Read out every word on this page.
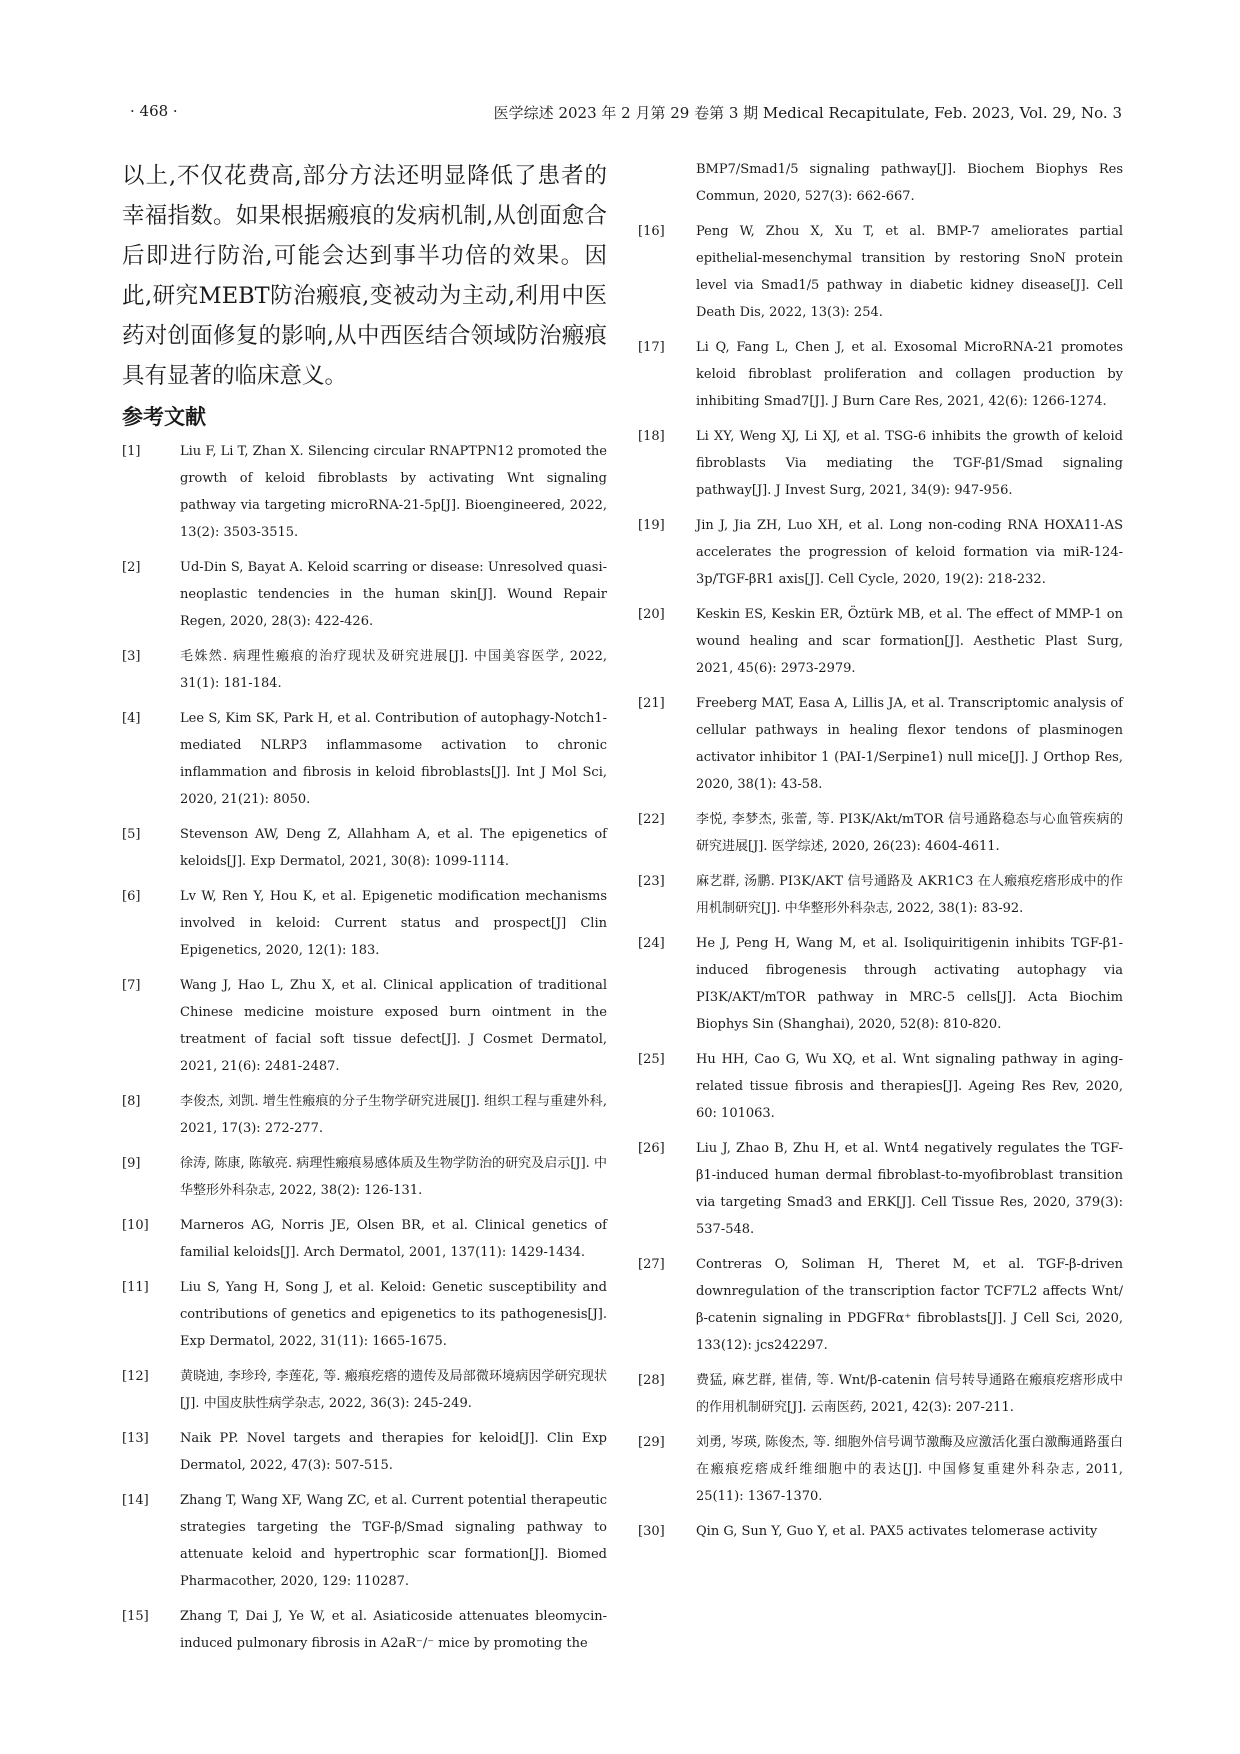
· 468 ·	医学综述 2023 年 2 月第 29 卷第 3 期 Medical Recapitulate, Feb. 2023, Vol. 29, No. 3

以上,不仅花费高,部分方法还明显降低了患者的幸福指数。如果根据瘢痕的发病机制,从创面愈合后即进行防治,可能会达到事半功倍的效果。因此,研究MEBT防治瘢痕,变被动为主动,利用中医药对创面修复的影响,从中西医结合领域防治瘢痕具有显著的临床意义。

参考文献
[1]	Liu F, Li T, Zhan X. Silencing circular RNAPTPN12 promoted the growth of keloid fibroblasts by activating Wnt signaling pathway via targeting microRNA-21-5p[J]. Bioengineered, 2022, 13(2): 3503-3515.
[2]	Ud-Din S, Bayat A. Keloid scarring or disease: Unresolved quasi-neoplastic tendencies in the human skin[J]. Wound Repair Regen, 2020, 28(3): 422-426.
[3]	毛姝然. 病理性瘢痕的治疗现状及研究进展[J]. 中国美容医学, 2022, 31(1): 181-184.
[4]	Lee S, Kim SK, Park H, et al. Contribution of autophagy-Notch1-mediated NLRP3 inflammasome activation to chronic inflammation and fibrosis in keloid fibroblasts[J]. Int J Mol Sci, 2020, 21(21): 8050.
[5]	Stevenson AW, Deng Z, Allahham A, et al. The epigenetics of keloids[J]. Exp Dermatol, 2021, 30(8): 1099-1114.
[6]	Lv W, Ren Y, Hou K, et al. Epigenetic modification mechanisms involved in keloid: Current status and prospect[J] Clin Epigenetics, 2020, 12(1): 183.
[7]	Wang J, Hao L, Zhu X, et al. Clinical application of traditional Chinese medicine moisture exposed burn ointment in the treatment of facial soft tissue defect[J]. J Cosmet Dermatol, 2021, 21(6): 2481-2487.
[8]	李俊杰, 刘凯. 增生性瘢痕的分子生物学研究进展[J]. 组织工程与重建外科, 2021, 17(3): 272-277.
[9]	徐涛, 陈康, 陈敏亮. 病理性瘢痕易感体质及生物学防治的研究及启示[J]. 中华整形外科杂志, 2022, 38(2): 126-131.
[10]	Marneros AG, Norris JE, Olsen BR, et al. Clinical genetics of familial keloids[J]. Arch Dermatol, 2001, 137(11): 1429-1434.
[11]	Liu S, Yang H, Song J, et al. Keloid: Genetic susceptibility and contributions of genetics and epigenetics to its pathogenesis[J]. Exp Dermatol, 2022, 31(11): 1665-1675.
[12]	黄晓迪, 李珍玲, 李莲花, 等. 瘢痕疙瘩的遗传及局部微环境病因学研究现状[J]. 中国皮肤性病学杂志, 2022, 36(3): 245-249.
[13]	Naik PP. Novel targets and therapies for keloid[J]. Clin Exp Dermatol, 2022, 47(3): 507-515.
[14]	Zhang T, Wang XF, Wang ZC, et al. Current potential therapeutic strategies targeting the TGF-β/Smad signaling pathway to attenuate keloid and hypertrophic scar formation[J]. Biomed Pharmacother, 2020, 129: 110287.
[15]	Zhang T, Dai J, Ye W, et al. Asiaticoside attenuates bleomycin-induced pulmonary fibrosis in A2aR⁻/⁻ mice by promoting the
BMP7/Smad1/5 signaling pathway[J]. Biochem Biophys Res Commun, 2020, 527(3): 662-667.
[16]	Peng W, Zhou X, Xu T, et al. BMP-7 ameliorates partial epithelial-mesenchymal transition by restoring SnoN protein level via Smad1/5 pathway in diabetic kidney disease[J]. Cell Death Dis, 2022, 13(3): 254.
[17]	Li Q, Fang L, Chen J, et al. Exosomal MicroRNA-21 promotes keloid fibroblast proliferation and collagen production by inhibiting Smad7[J]. J Burn Care Res, 2021, 42(6): 1266-1274.
[18]	Li XY, Weng XJ, Li XJ, et al. TSG-6 inhibits the growth of keloid fibroblasts Via mediating the TGF-β1/Smad signaling pathway[J]. J Invest Surg, 2021, 34(9): 947-956.
[19]	Jin J, Jia ZH, Luo XH, et al. Long non-coding RNA HOXA11-AS accelerates the progression of keloid formation via miR-124-3p/TGF-βR1 axis[J]. Cell Cycle, 2020, 19(2): 218-232.
[20]	Keskin ES, Keskin ER, Öztürk MB, et al. The effect of MMP-1 on wound healing and scar formation[J]. Aesthetic Plast Surg, 2021, 45(6): 2973-2979.
[21]	Freeberg MAT, Easa A, Lillis JA, et al. Transcriptomic analysis of cellular pathways in healing flexor tendons of plasminogen activator inhibitor 1 (PAI-1/Serpine1) null mice[J]. J Orthop Res, 2020, 38(1): 43-58.
[22]	李悦, 李梦杰, 张蕾, 等. PI3K/Akt/mTOR 信号通路稳态与心血管疾病的研究进展[J]. 医学综述, 2020, 26(23): 4604-4611.
[23]	麻艺群, 汤鹏. PI3K/AKT 信号通路及 AKR1C3 在人瘢痕疙瘩形成中的作用机制研究[J]. 中华整形外科杂志, 2022, 38(1): 83-92.
[24]	He J, Peng H, Wang M, et al. Isoliquiritigenin inhibits TGF-β1-induced fibrogenesis through activating autophagy via PI3K/AKT/mTOR pathway in MRC-5 cells[J]. Acta Biochim Biophys Sin (Shanghai), 2020, 52(8): 810-820.
[25]	Hu HH, Cao G, Wu XQ, et al. Wnt signaling pathway in aging-related tissue fibrosis and therapies[J]. Ageing Res Rev, 2020, 60: 101063.
[26]	Liu J, Zhao B, Zhu H, et al. Wnt4 negatively regulates the TGF-β1-induced human dermal fibroblast-to-myofibroblast transition via targeting Smad3 and ERK[J]. Cell Tissue Res, 2020, 379(3): 537-548.
[27]	Contreras O, Soliman H, Theret M, et al. TGF-β-driven downregulation of the transcription factor TCF7L2 affects Wnt/β-catenin signaling in PDGFRα⁺ fibroblasts[J]. J Cell Sci, 2020, 133(12): jcs242297.
[28]	费猛, 麻艺群, 崔倩, 等. Wnt/β-catenin 信号转导通路在瘢痕疙瘩形成中的作用机制研究[J]. 云南医药, 2021, 42(3): 207-211.
[29]	刘勇, 岑瑛, 陈俊杰, 等. 细胞外信号调节激酶及应激活化蛋白激酶通路蛋白在瘢痕疙瘩成纤维细胞中的表达[J]. 中国修复重建外科杂志, 2011, 25(11): 1367-1370.
[30]	Qin G, Sun Y, Guo Y, et al. PAX5 activates telomerase activity
